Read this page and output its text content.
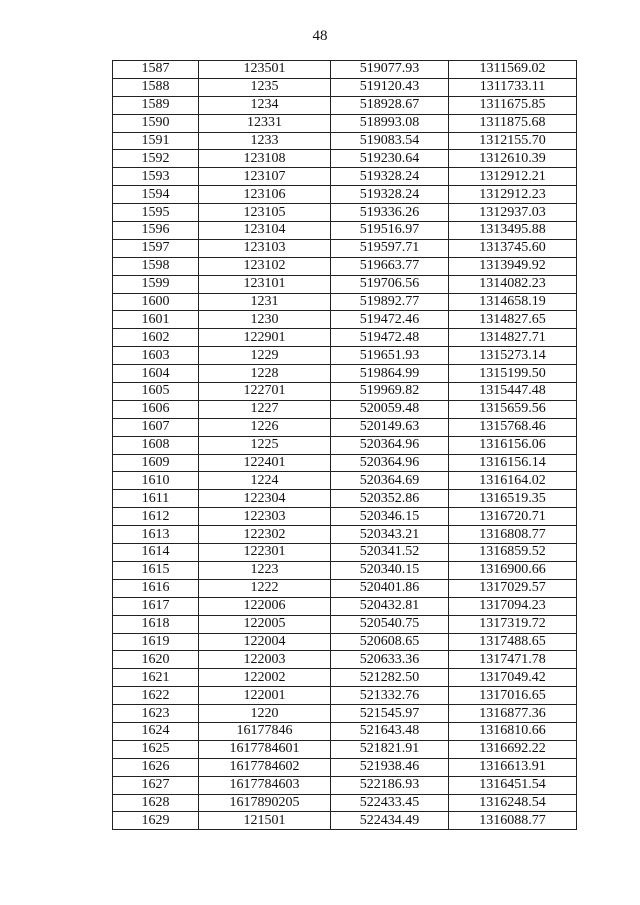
48
1587	123501	519077.93	1311569.02
1588	1235	519120.43	1311733.11
1589	1234	518928.67	1311675.85
1590	12331	518993.08	1311875.68
1591	1233	519083.54	1312155.70
1592	123108	519230.64	1312610.39
1593	123107	519328.24	1312912.21
1594	123106	519328.24	1312912.23
1595	123105	519336.26	1312937.03
1596	123104	519516.97	1313495.88
1597	123103	519597.71	1313745.60
1598	123102	519663.77	1313949.92
1599	123101	519706.56	1314082.23
1600	1231	519892.77	1314658.19
1601	1230	519472.46	1314827.65
1602	122901	519472.48	1314827.71
1603	1229	519651.93	1315273.14
1604	1228	519864.99	1315199.50
1605	122701	519969.82	1315447.48
1606	1227	520059.48	1315659.56
1607	1226	520149.63	1315768.46
1608	1225	520364.96	1316156.06
1609	122401	520364.96	1316156.14
1610	1224	520364.69	1316164.02
1611	122304	520352.86	1316519.35
1612	122303	520346.15	1316720.71
1613	122302	520343.21	1316808.77
1614	122301	520341.52	1316859.52
1615	1223	520340.15	1316900.66
1616	1222	520401.86	1317029.57
1617	122006	520432.81	1317094.23
1618	122005	520540.75	1317319.72
1619	122004	520608.65	1317488.65
1620	122003	520633.36	1317471.78
1621	122002	521282.50	1317049.42
1622	122001	521332.76	1317016.65
1623	1220	521545.97	1316877.36
1624	16177846	521643.48	1316810.66
1625	1617784601	521821.91	1316692.22
1626	1617784602	521938.46	1316613.91
1627	1617784603	522186.93	1316451.54
1628	1617890205	522433.45	1316248.54
1629	121501	522434.49	1316088.77
